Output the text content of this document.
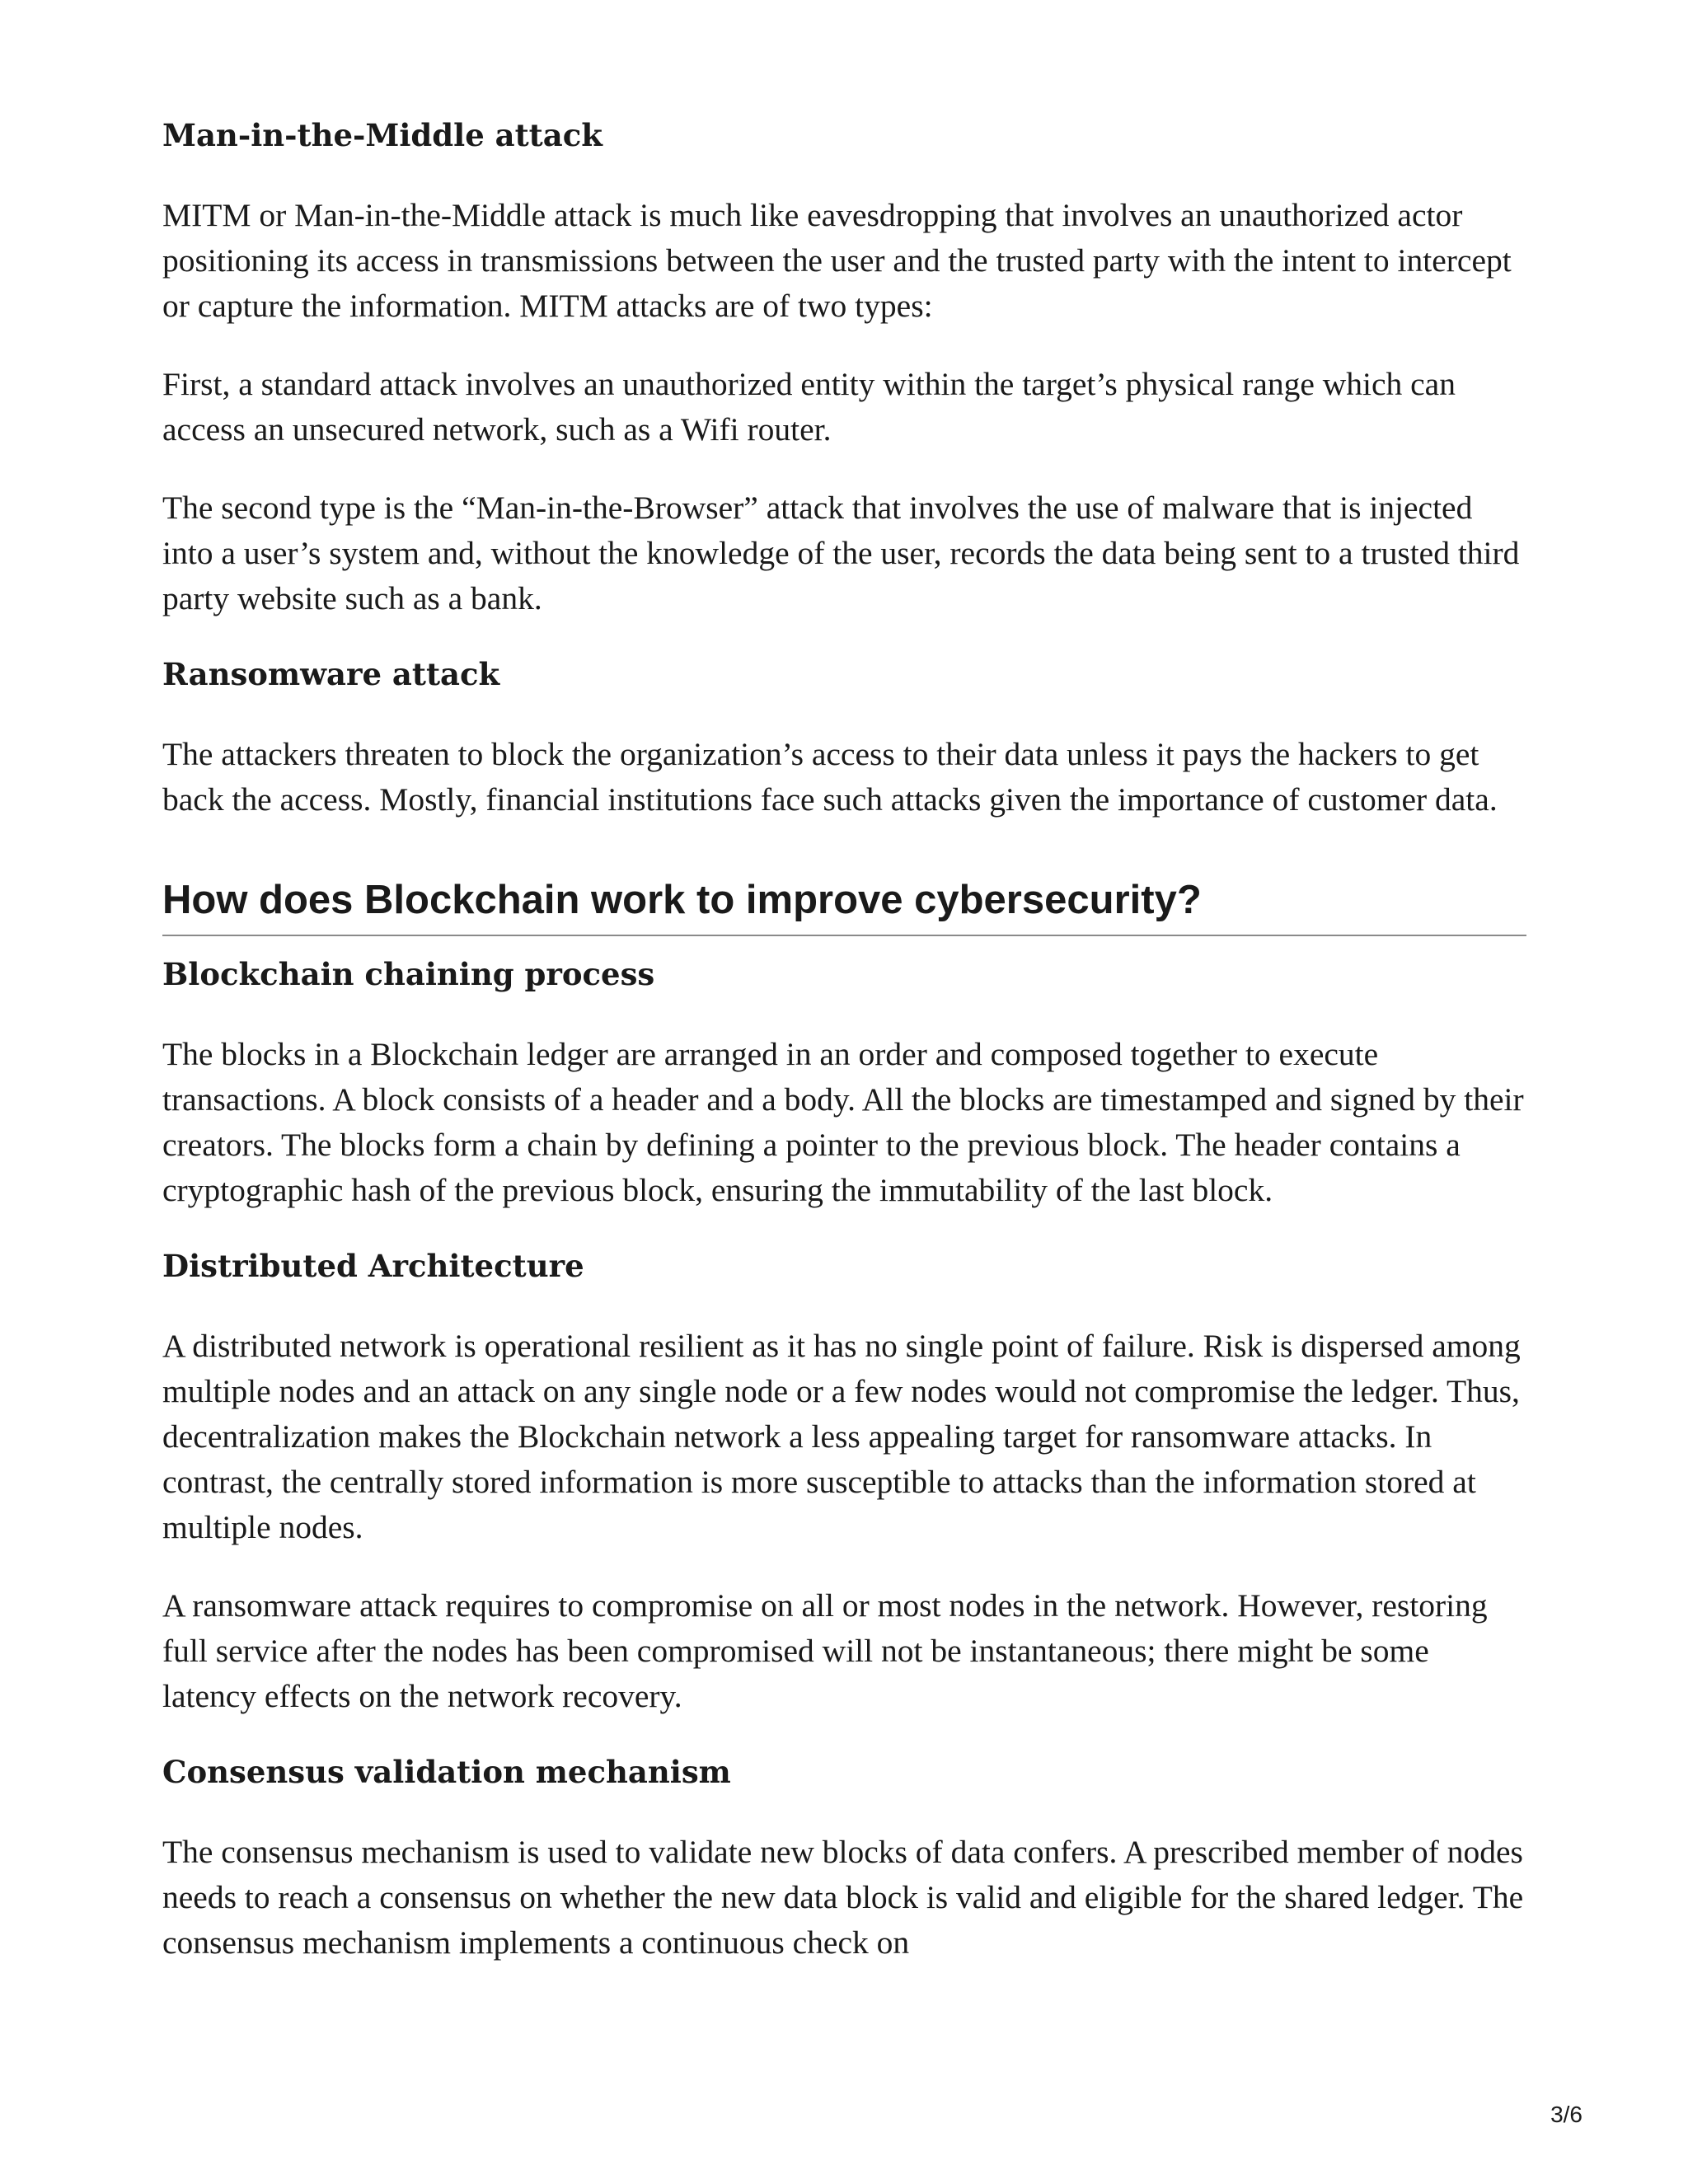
Man-in-the-Middle attack

MITM or Man-in-the-Middle attack is much like eavesdropping that involves an unauthorized actor positioning its access in transmissions between the user and the trusted party with the intent to intercept or capture the information. MITM attacks are of two types:

First, a standard attack involves an unauthorized entity within the target’s physical range which can access an unsecured network, such as a Wifi router.

The second type is the “Man-in-the-Browser” attack that involves the use of malware that is injected into a user’s system and, without the knowledge of the user, records the data being sent to a trusted third party website such as a bank.

Ransomware attack

The attackers threaten to block the organization’s access to their data unless it pays the hackers to get back the access. Mostly, financial institutions face such attacks given the importance of customer data.

How does Blockchain work to improve cybersecurity?
Blockchain chaining process

The blocks in a Blockchain ledger are arranged in an order and composed together to execute transactions. A block consists of a header and a body. All the blocks are timestamped and signed by their creators. The blocks form a chain by defining a pointer to the previous block. The header contains a cryptographic hash of the previous block, ensuring the immutability of the last block.

Distributed Architecture

A distributed network is operational resilient as it has no single point of failure. Risk is dispersed among multiple nodes and an attack on any single node or a few nodes would not compromise the ledger. Thus, decentralization makes the Blockchain network a less appealing target for ransomware attacks. In contrast, the centrally stored information is more susceptible to attacks than the information stored at multiple nodes.

A ransomware attack requires to compromise on all or most nodes in the network. However, restoring full service after the nodes has been compromised will not be instantaneous; there might be some latency effects on the network recovery.

Consensus validation mechanism

The consensus mechanism is used to validate new blocks of data confers. A prescribed member of nodes needs to reach a consensus on whether the new data block is valid and eligible for the shared ledger. The consensus mechanism implements a continuous check on

3/6
